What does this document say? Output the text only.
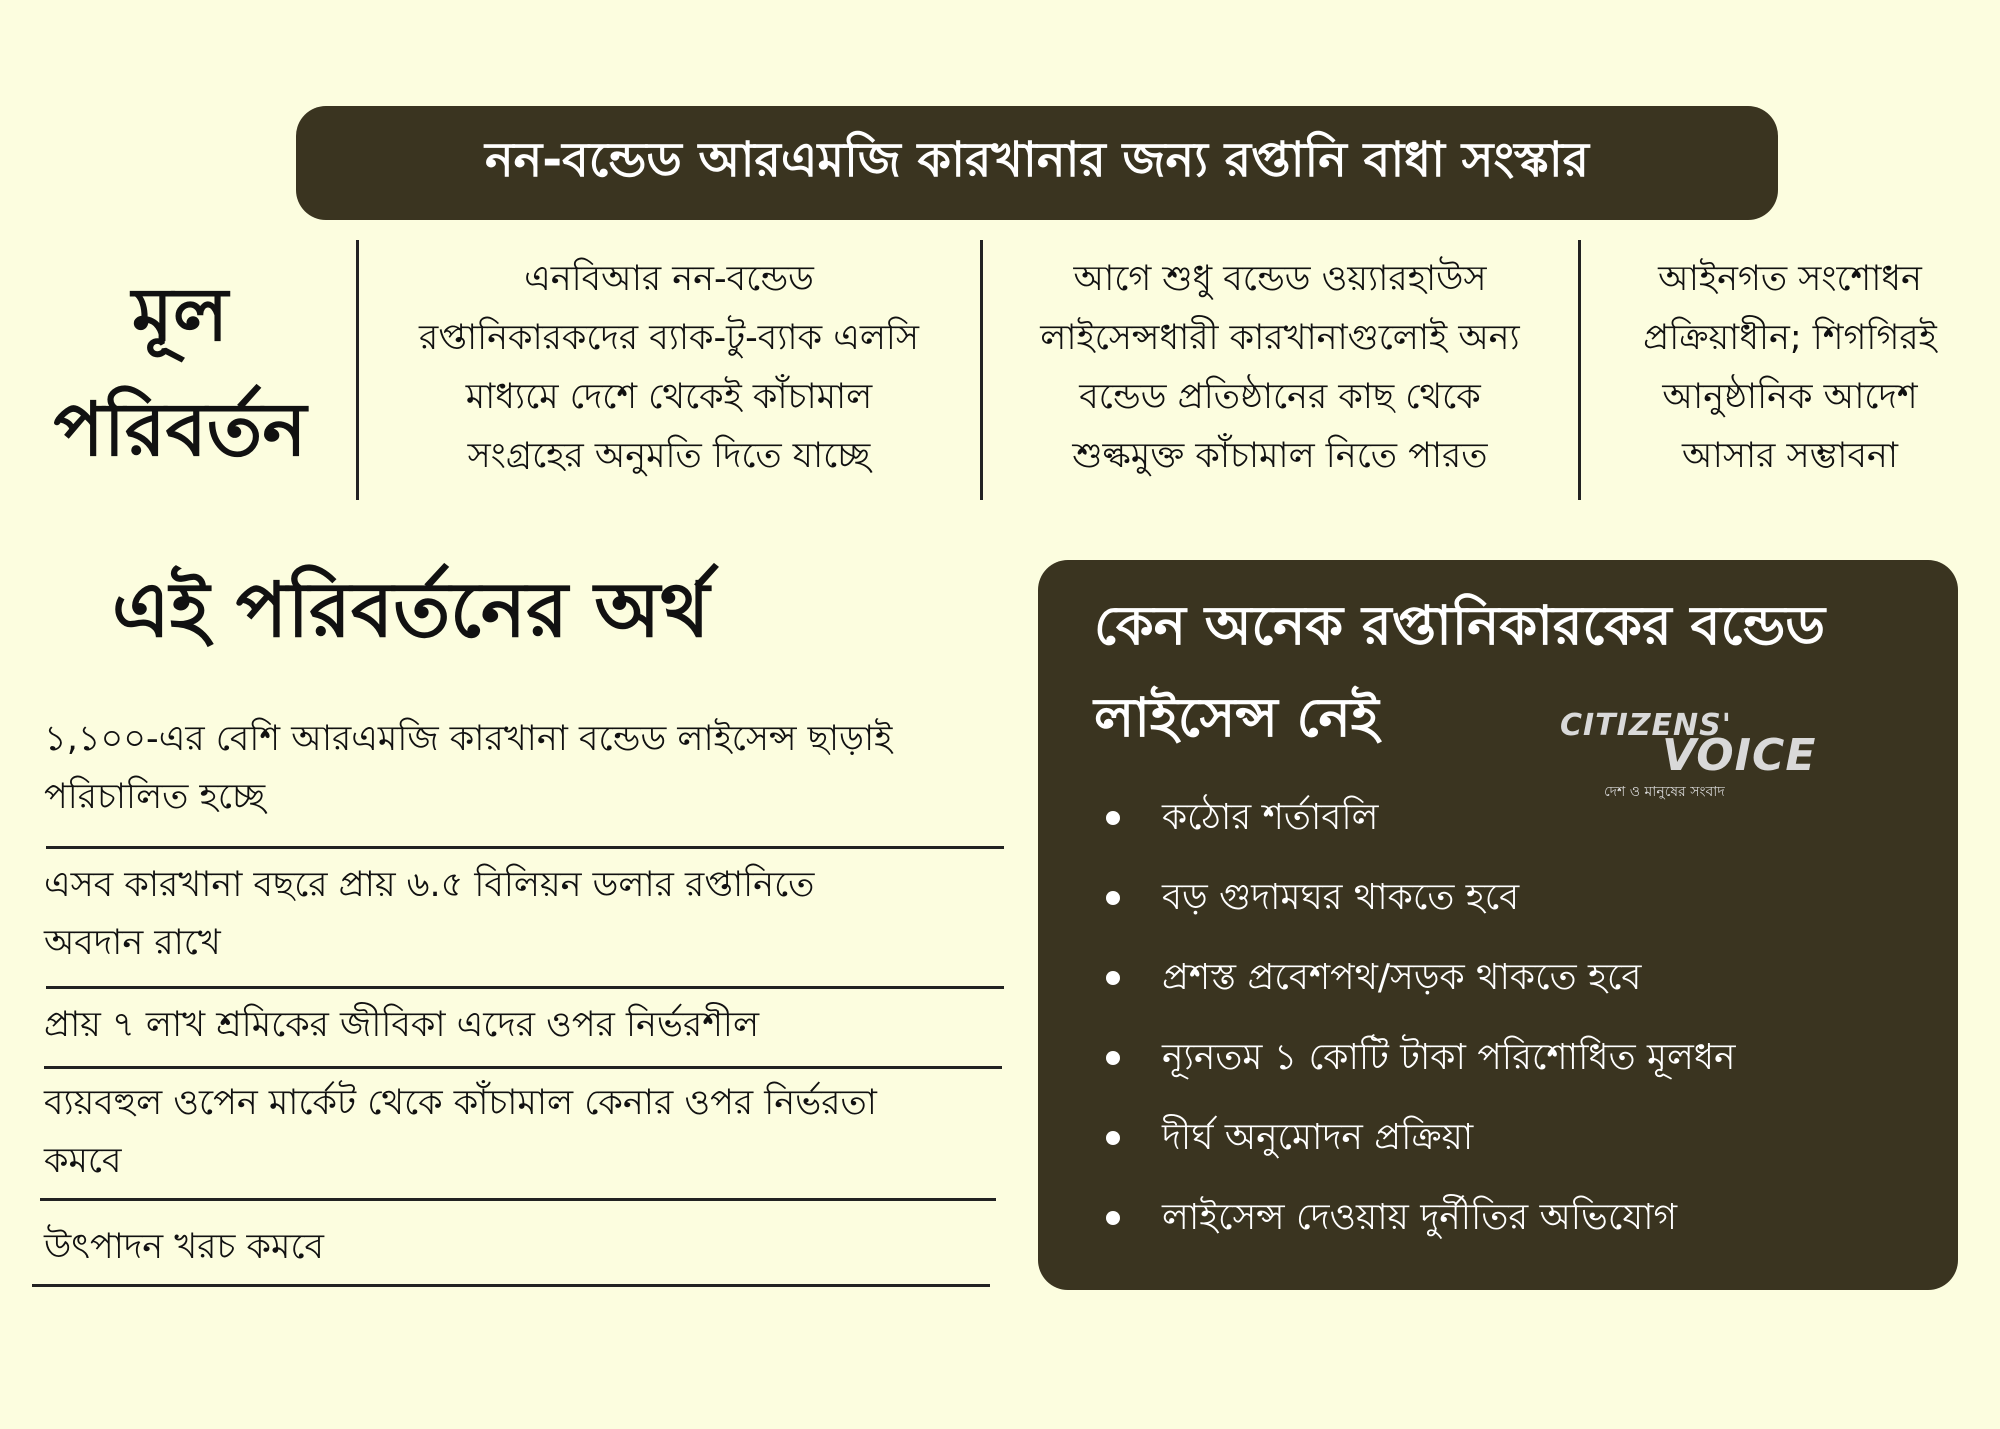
নন-বন্ডেড আরএমজি কারখানার জন্য রপ্তানি বাধা সংস্কার
মূল
পরিবর্তন
এনবিআর নন-বন্ডেড
রপ্তানিকারকদের ব্যাক-টু-ব্যাক এলসি
মাধ্যমে দেশে থেকেই কাঁচামাল
সংগ্রহের অনুমতি দিতে যাচ্ছে
আগে শুধু বন্ডেড ওয়্যারহাউস
লাইসেন্সধারী কারখানাগুলোই অন্য
বন্ডেড প্রতিষ্ঠানের কাছ থেকে
শুল্কমুক্ত কাঁচামাল নিতে পারত
আইনগত সংশোধন
প্রক্রিয়াধীন; শিগগিরই
আনুষ্ঠানিক আদেশ
আসার সম্ভাবনা
এই পরিবর্তনের অর্থ
১,১০০-এর বেশি আরএমজি কারখানা বন্ডেড লাইসেন্স ছাড়াই
পরিচালিত হচ্ছে
এসব কারখানা বছরে প্রায় ৬.৫ বিলিয়ন ডলার রপ্তানিতে
অবদান রাখে
প্রায় ৭ লাখ শ্রমিকের জীবিকা এদের ওপর নির্ভরশীল
ব্যয়বহুল ওপেন মার্কেট থেকে কাঁচামাল কেনার ওপর নির্ভরতা
কমবে
উৎপাদন খরচ কমবে
কেন অনেক রপ্তানিকারকের বন্ডেড
লাইসেন্স নেই	CITIZENS'
VOICE
দেশ ও মানুষের সংবাদ
কঠোর শর্তাবলি
বড় গুদামঘর থাকতে হবে
প্রশস্ত প্রবেশপথ/সড়ক থাকতে হবে
ন্যূনতম ১ কোটি টাকা পরিশোধিত মূলধন
দীর্ঘ অনুমোদন প্রক্রিয়া
লাইসেন্স দেওয়ায় দুর্নীতির অভিযোগ
